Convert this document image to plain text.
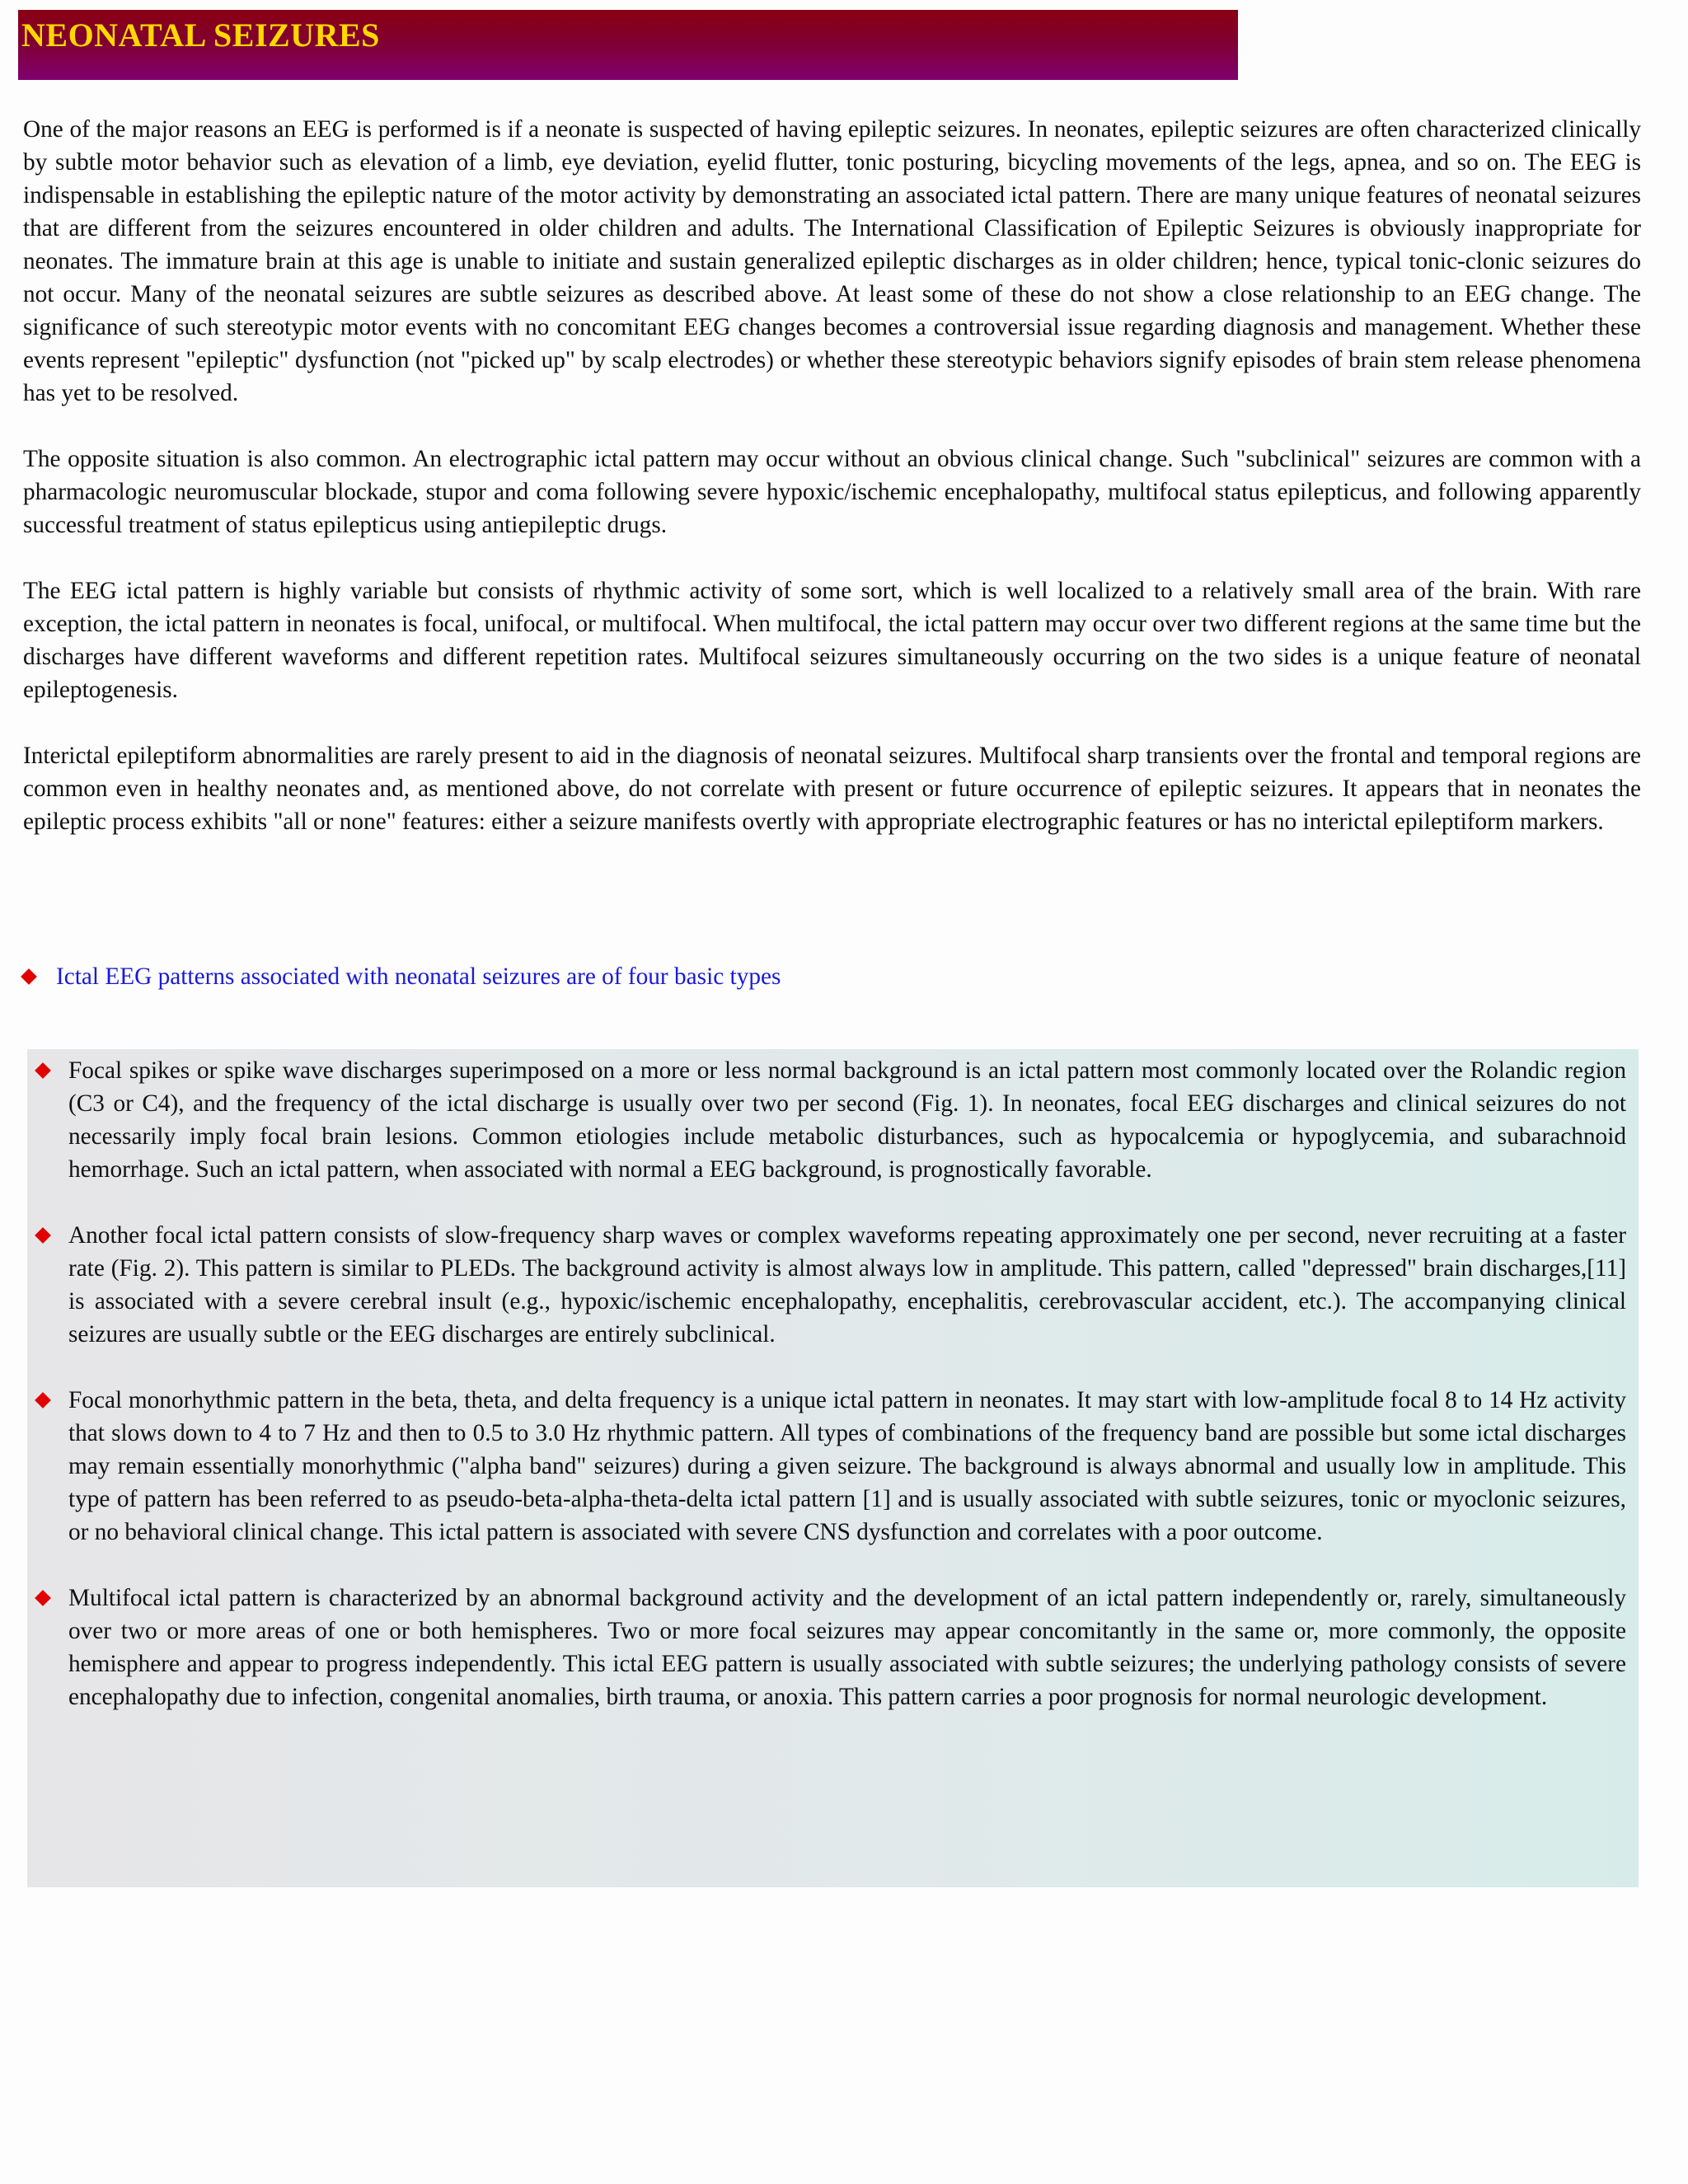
NEONATAL SEIZURES

One of the major reasons an EEG is performed is if a neonate is suspected of having epileptic seizures. In neonates, epileptic seizures are often characterized clinically by subtle motor behavior such as elevation of a limb, eye deviation, eyelid flutter, tonic posturing, bicycling movements of the legs, apnea, and so on. The EEG is indispensable in establishing the epileptic nature of the motor activity by demonstrating an associated ictal pattern. There are many unique features of neonatal seizures that are different from the seizures encountered in older children and adults. The International Classification of Epileptic Seizures is obviously inappropriate for neonates. The immature brain at this age is unable to initiate and sustain generalized epileptic discharges as in older children; hence, typical tonic-clonic seizures do not occur. Many of the neonatal seizures are subtle seizures as described above. At least some of these do not show a close relationship to an EEG change. The significance of such stereotypic motor events with no concomitant EEG changes becomes a controversial issue regarding diagnosis and management. Whether these events represent "epileptic" dysfunction (not "picked up" by scalp electrodes) or whether these stereotypic behaviors signify episodes of brain stem release phenomena has yet to be resolved.

The opposite situation is also common. An electrographic ictal pattern may occur without an obvious clinical change. Such "subclinical" seizures are common with a pharmacologic neuromuscular blockade, stupor and coma following severe hypoxic/ischemic encephalopathy, multifocal status epilepticus, and following apparently successful treatment of status epilepticus using antiepileptic drugs.

The EEG ictal pattern is highly variable but consists of rhythmic activity of some sort, which is well localized to a relatively small area of the brain. With rare exception, the ictal pattern in neonates is focal, unifocal, or multifocal. When multifocal, the ictal pattern may occur over two different regions at the same time but the discharges have different waveforms and different repetition rates. Multifocal seizures simultaneously occurring on the two sides is a unique feature of neonatal epileptogenesis.

Interictal epileptiform abnormalities are rarely present to aid in the diagnosis of neonatal seizures. Multifocal sharp transients over the frontal and temporal regions are common even in healthy neonates and, as mentioned above, do not correlate with present or future occurrence of epileptic seizures. It appears that in neonates the epileptic process exhibits "all or none" features: either a seizure manifests overtly with appropriate electrographic features or has no interictal epileptiform markers.

Ictal EEG patterns associated with neonatal seizures are of four basic types

Focal spikes or spike wave discharges superimposed on a more or less normal background is an ictal pattern most commonly located over the Rolandic region (C3 or C4), and the frequency of the ictal discharge is usually over two per second (Fig. 1). In neonates, focal EEG discharges and clinical seizures do not necessarily imply focal brain lesions. Common etiologies include metabolic disturbances, such as hypocalcemia or hypoglycemia, and subarachnoid hemorrhage. Such an ictal pattern, when associated with normal a EEG background, is prognostically favorable.

Another focal ictal pattern consists of slow-frequency sharp waves or complex waveforms repeating approximately one per second, never recruiting at a faster rate (Fig. 2). This pattern is similar to PLEDs. The background activity is almost always low in amplitude. This pattern, called "depressed" brain discharges,[11] is associated with a severe cerebral insult (e.g., hypoxic/ischemic encephalopathy, encephalitis, cerebrovascular accident, etc.). The accompanying clinical seizures are usually subtle or the EEG discharges are entirely subclinical.

Focal monorhythmic pattern in the beta, theta, and delta frequency is a unique ictal pattern in neonates. It may start with low-amplitude focal 8 to 14 Hz activity that slows down to 4 to 7 Hz and then to 0.5 to 3.0 Hz rhythmic pattern. All types of combinations of the frequency band are possible but some ictal discharges may remain essentially monorhythmic ("alpha band" seizures) during a given seizure. The background is always abnormal and usually low in amplitude. This type of pattern has been referred to as pseudo-beta-alpha-theta-delta ictal pattern [1] and is usually associated with subtle seizures, tonic or myoclonic seizures, or no behavioral clinical change. This ictal pattern is associated with severe CNS dysfunction and correlates with a poor outcome.

Multifocal ictal pattern is characterized by an abnormal background activity and the development of an ictal pattern independently or, rarely, simultaneously over two or more areas of one or both hemispheres. Two or more focal seizures may appear concomitantly in the same or, more commonly, the opposite hemisphere and appear to progress independently. This ictal EEG pattern is usually associated with subtle seizures; the underlying pathology consists of severe encephalopathy due to infection, congenital anomalies, birth trauma, or anoxia. This pattern carries a poor prognosis for normal neurologic development.
